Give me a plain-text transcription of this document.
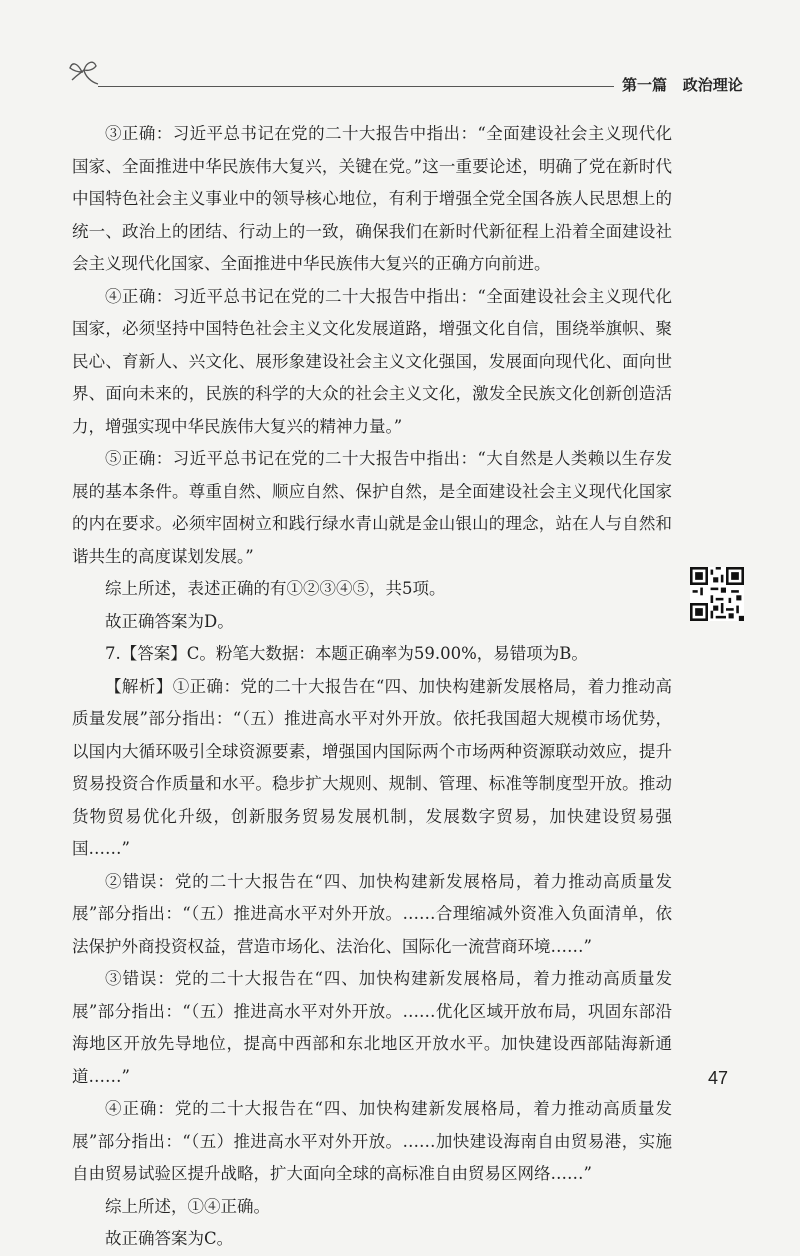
第一篇 政治理论

③正确：习近平总书记在党的二十大报告中指出：“全面建设社会主义现代化国家、全面推进中华民族伟大复兴，关键在党。”这一重要论述，明确了党在新时代中国特色社会主义事业中的领导核心地位，有利于增强全党全国各族人民思想上的统一、政治上的团结、行动上的一致，确保我们在新时代新征程上沿着全面建设社会主义现代化国家、全面推进中华民族伟大复兴的正确方向前进。

④正确：习近平总书记在党的二十大报告中指出：“全面建设社会主义现代化国家，必须坚持中国特色社会主义文化发展道路，增强文化自信，围绕举旗帜、聚民心、育新人、兴文化、展形象建设社会主义文化强国，发展面向现代化、面向世界、面向未来的，民族的科学的大众的社会主义文化，激发全民族文化创新创造活力，增强实现中华民族伟大复兴的精神力量。”

⑤正确：习近平总书记在党的二十大报告中指出：“大自然是人类赖以生存发展的基本条件。尊重自然、顺应自然、保护自然，是全面建设社会主义现代化国家的内在要求。必须牢固树立和践行绿水青山就是金山银山的理念，站在人与自然和谐共生的高度谋划发展。”

综上所述，表述正确的有①②③④⑤，共5项。

故正确答案为D。

7.【答案】C。粉笔大数据：本题正确率为59.00%，易错项为B。

【解析】①正确：党的二十大报告在“四、加快构建新发展格局，着力推动高质量发展”部分指出：“（五）推进高水平对外开放。依托我国超大规模市场优势，以国内大循环吸引全球资源要素，增强国内国际两个市场两种资源联动效应，提升贸易投资合作质量和水平。稳步扩大规则、规制、管理、标准等制度型开放。推动货物贸易优化升级，创新服务贸易发展机制，发展数字贸易，加快建设贸易强国……”

②错误：党的二十大报告在“四、加快构建新发展格局，着力推动高质量发展”部分指出：“（五）推进高水平对外开放。……合理缩减外资准入负面清单，依法保护外商投资权益，营造市场化、法治化、国际化一流营商环境……”

③错误：党的二十大报告在“四、加快构建新发展格局，着力推动高质量发展”部分指出：“（五）推进高水平对外开放。……优化区域开放布局，巩固东部沿海地区开放先导地位，提高中西部和东北地区开放水平。加快建设西部陆海新通道……”

④正确：党的二十大报告在“四、加快构建新发展格局，着力推动高质量发展”部分指出：“（五）推进高水平对外开放。……加快建设海南自由贸易港，实施自由贸易试验区提升战略，扩大面向全球的高标准自由贸易区网络……”

综上所述，①④正确。

故正确答案为C。

47
